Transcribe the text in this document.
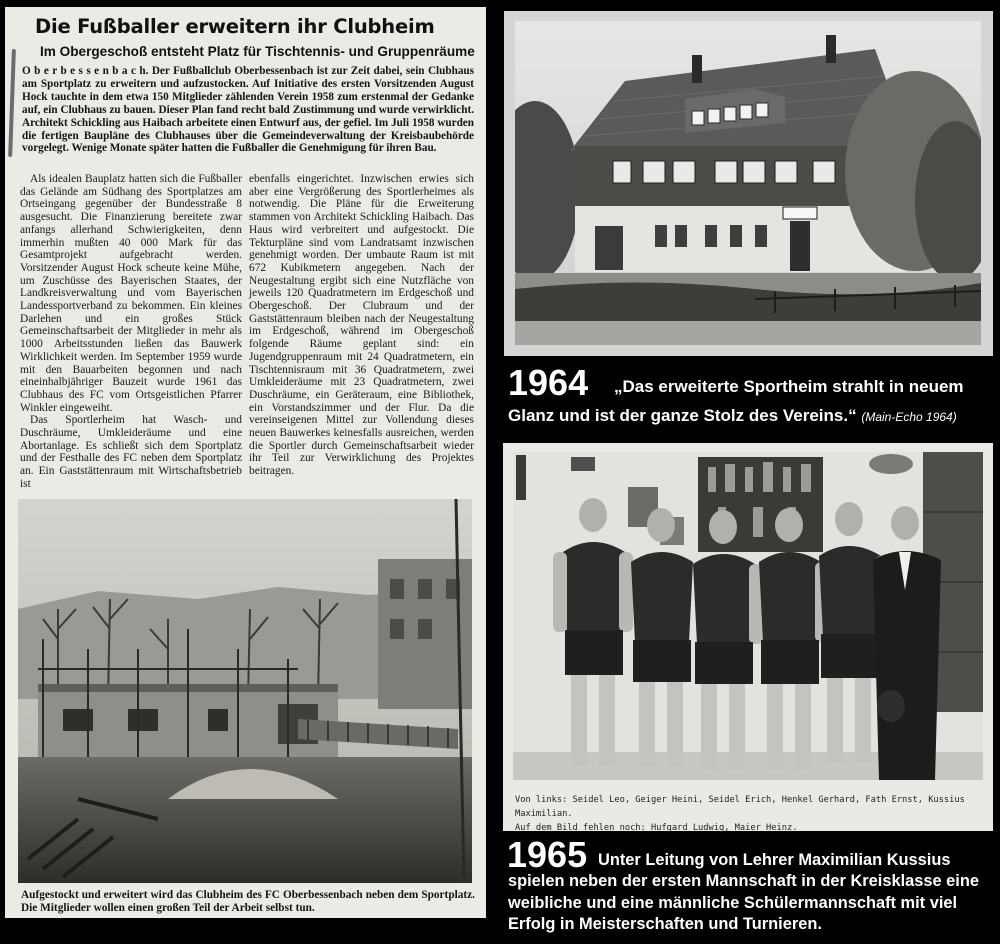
Die Fußballer erweitern ihr Clubheim
Im Obergeschoß entsteht Platz für Tischtennis- und Gruppenräume

O b e r b e s s e n b a c h. Der Fußballclub Oberbessenbach ist zur Zeit dabei, sein Clubhaus am Sportplatz zu erweitern und aufzustocken. Auf Initiative des ersten Vorsitzenden August Hock tauchte in dem etwa 150 Mitglieder zählenden Verein 1958 zum erstenmal der Gedanke auf, ein Clubhaus zu bauen. Dieser Plan fand recht bald Zustimmung und wurde verwirklicht. Architekt Schickling aus Haibach arbeitete einen Entwurf aus, der gefiel. Im Juli 1958 wurden die fertigen Baupläne des Clubhauses über die Gemeindeverwaltung der Kreisbaubehörde vorgelegt. Wenige Monate später hatten die Fußballer die Genehmigung für ihren Bau.

Als idealen Bauplatz hatten sich die Fußballer das Gelände am Südhang des Sportplatzes am Ortseingang gegenüber der Bundesstraße 8 ausgesucht. Die Finanzierung bereitete zwar anfangs allerhand Schwierigkeiten, denn immerhin mußten 40 000 Mark für das Gesamtprojekt aufgebracht werden. Vorsitzender August Hock scheute keine Mühe, um Zuschüsse des Bayerischen Staates, der Landkreisverwaltung und vom Bayerischen Landessportverband zu bekommen. Ein kleines Darlehen und ein großes Stück Gemeinschaftsarbeit der Mitglieder in mehr als 1000 Arbeitsstunden ließen das Bauwerk Wirklichkeit werden. Im September 1959 wurde mit den Bauarbeiten begonnen und nach eineinhalbjähriger Bauzeit wurde 1961 das Clubhaus des FC vom Ortsgeistlichen Pfarrer Winkler eingeweiht.

Das Sportlerheim hat Wasch- und Duschräume, Umkleideräume und eine Abortanlage. Es schließt sich dem Sportplatz und der Festhalle des FC neben dem Sportplatz an. Ein Gaststättenraum mit Wirtschaftsbetrieb ist

ebenfalls eingerichtet. Inzwischen erwies sich aber eine Vergrößerung des Sportlerheimes als notwendig. Die Pläne für die Erweiterung stammen von Architekt Schickling Haibach. Das Haus wird verbreitert und aufgestockt. Die Tekturpläne sind vom Landratsamt inzwischen genehmigt worden. Der umbaute Raum ist mit 672 Kubikmetern angegeben. Nach der Neugestaltung ergibt sich eine Nutzfläche von jeweils 120 Quadratmetern im Erdgeschoß und Obergeschoß. Der Clubraum und der Gaststättenraum bleiben nach der Neugestaltung im Erdgeschoß, während im Obergeschoß folgende Räume geplant sind: ein Jugendgruppenraum mit 24 Quadratmetern, ein Tischtennisraum mit 36 Quadratmetern, zwei Umkleideräume mit 23 Quadratmetern, zwei Duschräume, ein Geräteraum, eine Bibliothek, ein Vorstandszimmer und der Flur. Da die vereinseigenen Mittel zur Vollendung dieses neuen Bauwerkes keinesfalls ausreichen, werden die Sportler durch Gemeinschaftsarbeit wieder ihr Teil zur Verwirklichung des Projektes beitragen.

Aufgestockt und erweitert wird das Clubheim des FC Oberbessenbach neben dem Sportplatz. Die Mitglieder wollen einen großen Teil der Arbeit selbst tun.

1964 „Das erweiterte Sportheim strahlt in neuem

Glanz und ist der ganze Stolz des Vereins.“ (Main-Echo 1964)

Von links: Seidel Leo, Geiger Heini, Seidel Erich, Henkel Gerhard, Fath Ernst, Kussius Maximilian.
Auf dem Bild fehlen noch: Hufgard Ludwig, Maier Heinz.

1965 Unter Leitung von Lehrer Maximilian Kussius spielen neben der ersten Mannschaft in der Kreisklasse eine weibliche und eine männliche Schülermannschaft mit viel Erfolg in Meisterschaften und Turnieren.
